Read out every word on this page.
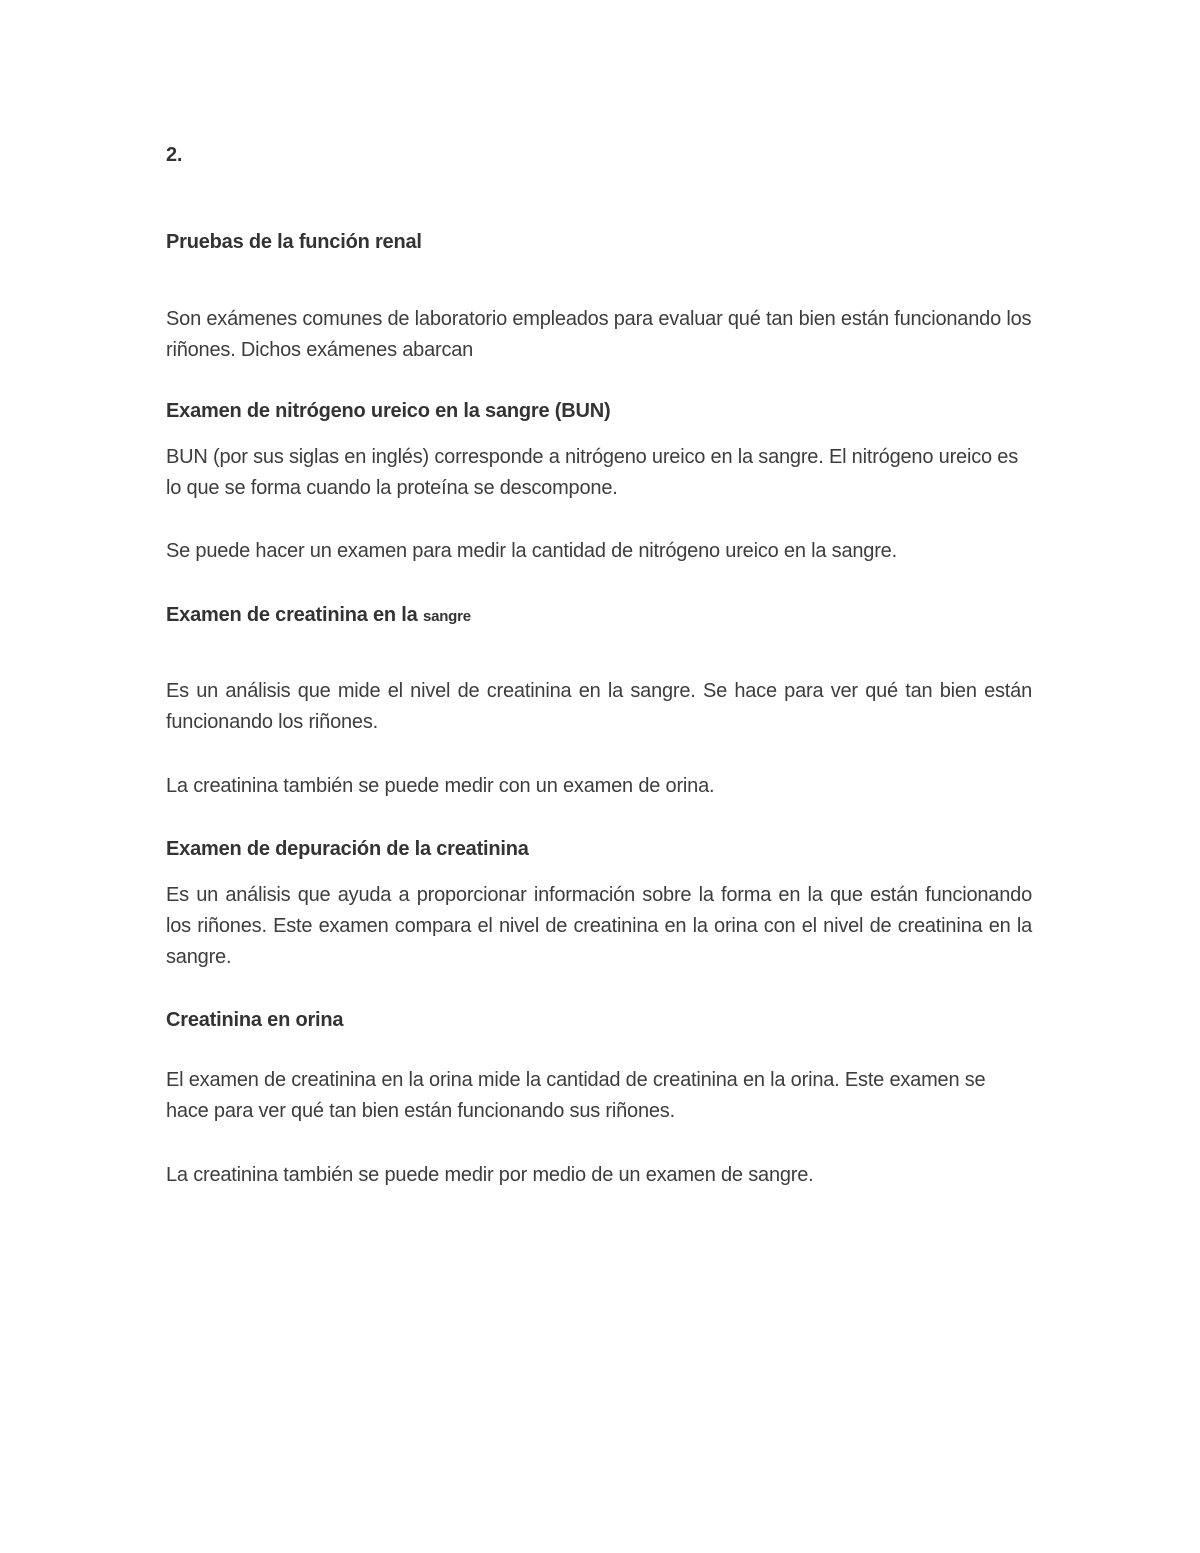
2.
Pruebas de la función renal
Son exámenes comunes de laboratorio empleados para evaluar qué tan bien están funcionando los riñones. Dichos exámenes abarcan
Examen de nitrógeno ureico en la sangre (BUN)
BUN (por sus siglas en inglés) corresponde a nitrógeno ureico en la sangre. El nitrógeno ureico es lo que se forma cuando la proteína se descompone.
Se puede hacer un examen para medir la cantidad de nitrógeno ureico en la sangre.
Examen de creatinina en la sangre
Es un análisis que mide el nivel de creatinina en la sangre. Se hace para ver qué tan bien están funcionando los riñones.
La creatinina también se puede medir con un examen de orina.
Examen de depuración de la creatinina
Es un análisis que ayuda a proporcionar información sobre la forma en la que están funcionando los riñones. Este examen compara el nivel de creatinina en la orina con el nivel de creatinina en la sangre.
Creatinina en orina
El examen de creatinina en la orina mide la cantidad de creatinina en la orina. Este examen se hace para ver qué tan bien están funcionando sus riñones.
La creatinina también se puede medir por medio de un examen de sangre.
